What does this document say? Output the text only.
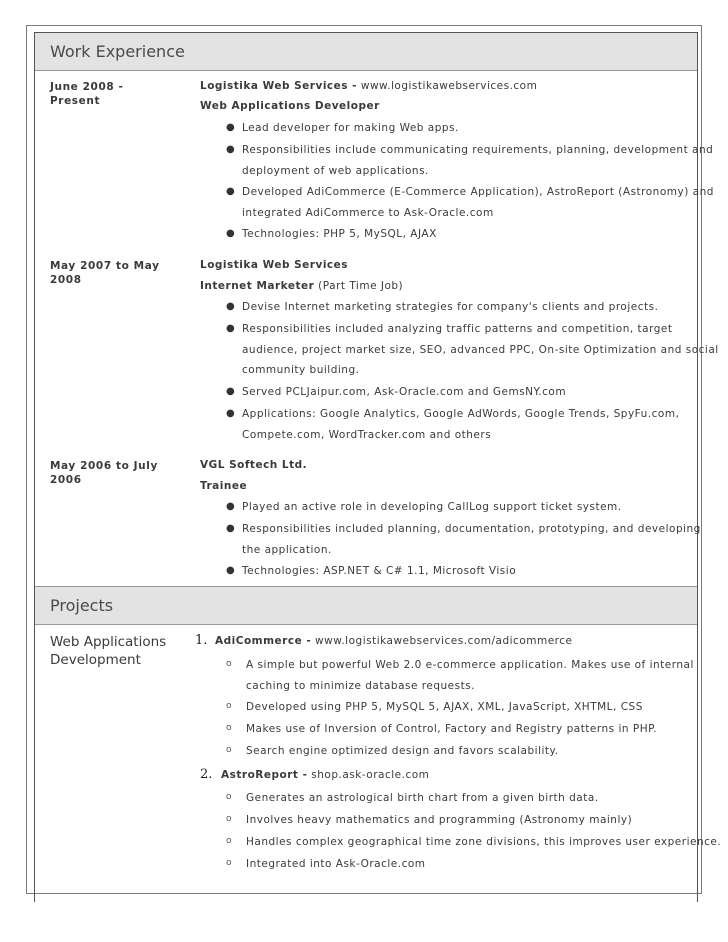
Work Experience
June 2008 - Present
Logistika Web Services - www.logistikawebservices.com
Web Applications Developer
● Lead developer for making Web apps.
● Responsibilities include communicating requirements, planning, development and
deployment of web applications.
● Developed AdiCommerce (E-Commerce Application), AstroReport (Astronomy) and
integrated AdiCommerce to Ask-Oracle.com
● Technologies: PHP 5, MySQL, AJAX
May 2007 to May 2008
Logistika Web Services
Internet Marketer (Part Time Job)
● Devise Internet marketing strategies for company's clients and projects.
● Responsibilities included analyzing traffic patterns and competition, target
audience, project market size, SEO, advanced PPC, On-site Optimization and social
community building.
● Served PCLJaipur.com, Ask-Oracle.com and GemsNY.com
● Applications: Google Analytics, Google AdWords, Google Trends, SpyFu.com,
Compete.com, WordTracker.com and others
May 2006 to July 2006
VGL Softech Ltd.
Trainee
● Played an active role in developing CallLog support ticket system.
● Responsibilities included planning, documentation, prototyping, and developing
the application.
● Technologies: ASP.NET & C# 1.1, Microsoft Visio
Projects
Web Applications Development
1. AdiCommerce - www.logistikawebservices.com/adicommerce
o A simple but powerful Web 2.0 e-commerce application. Makes use of internal
caching to minimize database requests.
o Developed using PHP 5, MySQL 5, AJAX, XML, JavaScript, XHTML, CSS
o Makes use of Inversion of Control, Factory and Registry patterns in PHP.
o Search engine optimized design and favors scalability.
2. AstroReport - shop.ask-oracle.com
o Generates an astrological birth chart from a given birth data.
o Involves heavy mathematics and programming (Astronomy mainly)
o Handles complex geographical time zone divisions, this improves user experience.
o Integrated into Ask-Oracle.com
